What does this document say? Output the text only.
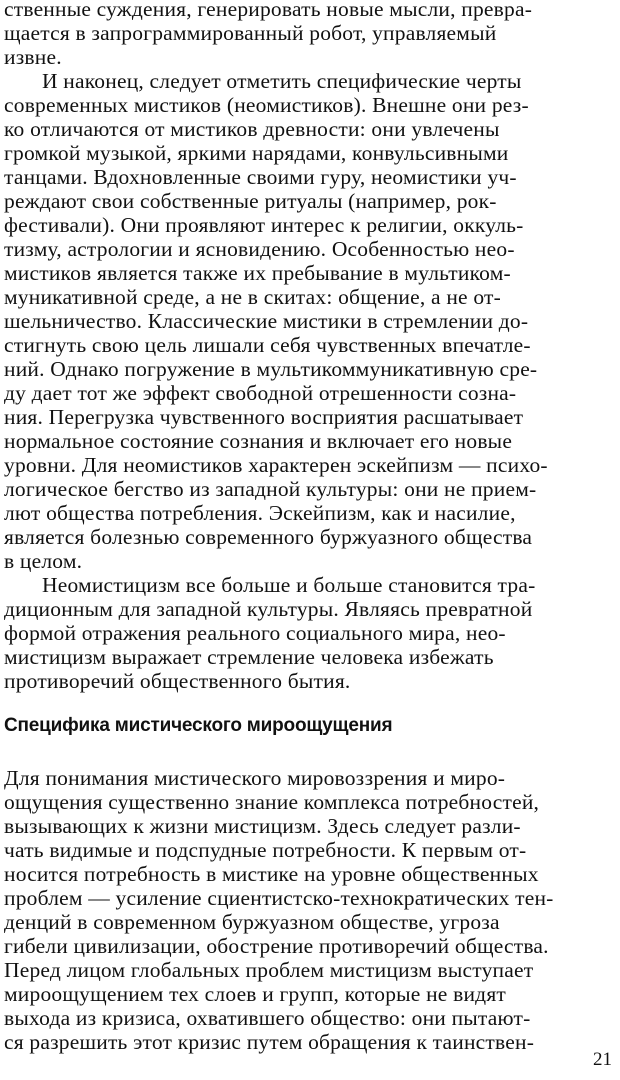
ственные суждения, генерировать новые мысли, превра-
щается в запрограммированный робот, управляемый
извне.
И наконец, следует отметить специфические черты
современных мистиков (неомистиков). Внешне они рез-
ко отличаются от мистиков древности: они увлечены
громкой музыкой, яркими нарядами, конвульсивными
танцами. Вдохновленные своими гуру, неомистики уч-
реждают свои собственные ритуалы (например, рок-
фестивали). Они проявляют интерес к религии, оккуль-
тизму, астрологии и ясновидению. Особенностью нео-
мистиков является также их пребывание в мультиком-
муникативной среде, а не в скитах: общение, а не от-
шельничество. Классические мистики в стремлении до-
стигнуть свою цель лишали себя чувственных впечатле-
ний. Однако погружение в мультикоммуникативную сре-
ду дает тот же эффект свободной отрешенности созна-
ния. Перегрузка чувственного восприятия расшатывает
нормальное состояние сознания и включает его новые
уровни. Для неомистиков характерен эскейпизм — психо-
логическое бегство из западной культуры: они не прием-
лют общества потребления. Эскейпизм, как и насилие,
является болезнью современного буржуазного общества
в целом.
Неомистицизм все больше и больше становится тра-
диционным для западной культуры. Являясь превратной
формой отражения реального социального мира, нео-
мистицизм выражает стремление человека избежать
противоречий общественного бытия.
Специфика мистического мироощущения
Для понимания мистического мировоззрения и миро-
ощущения существенно знание комплекса потребностей,
вызывающих к жизни мистицизм. Здесь следует разли-
чать видимые и подспудные потребности. К первым от-
носится потребность в мистике на уровне общественных
проблем — усиление сциентистско-технократических тен-
денций в современном буржуазном обществе, угроза
гибели цивилизации, обострение противоречий общества.
Перед лицом глобальных проблем мистицизм выступает
мироощущением тех слоев и групп, которые не видят
выхода из кризиса, охватившего общество: они пытают-
ся разрешить этот кризис путем обращения к таинствен-
21
